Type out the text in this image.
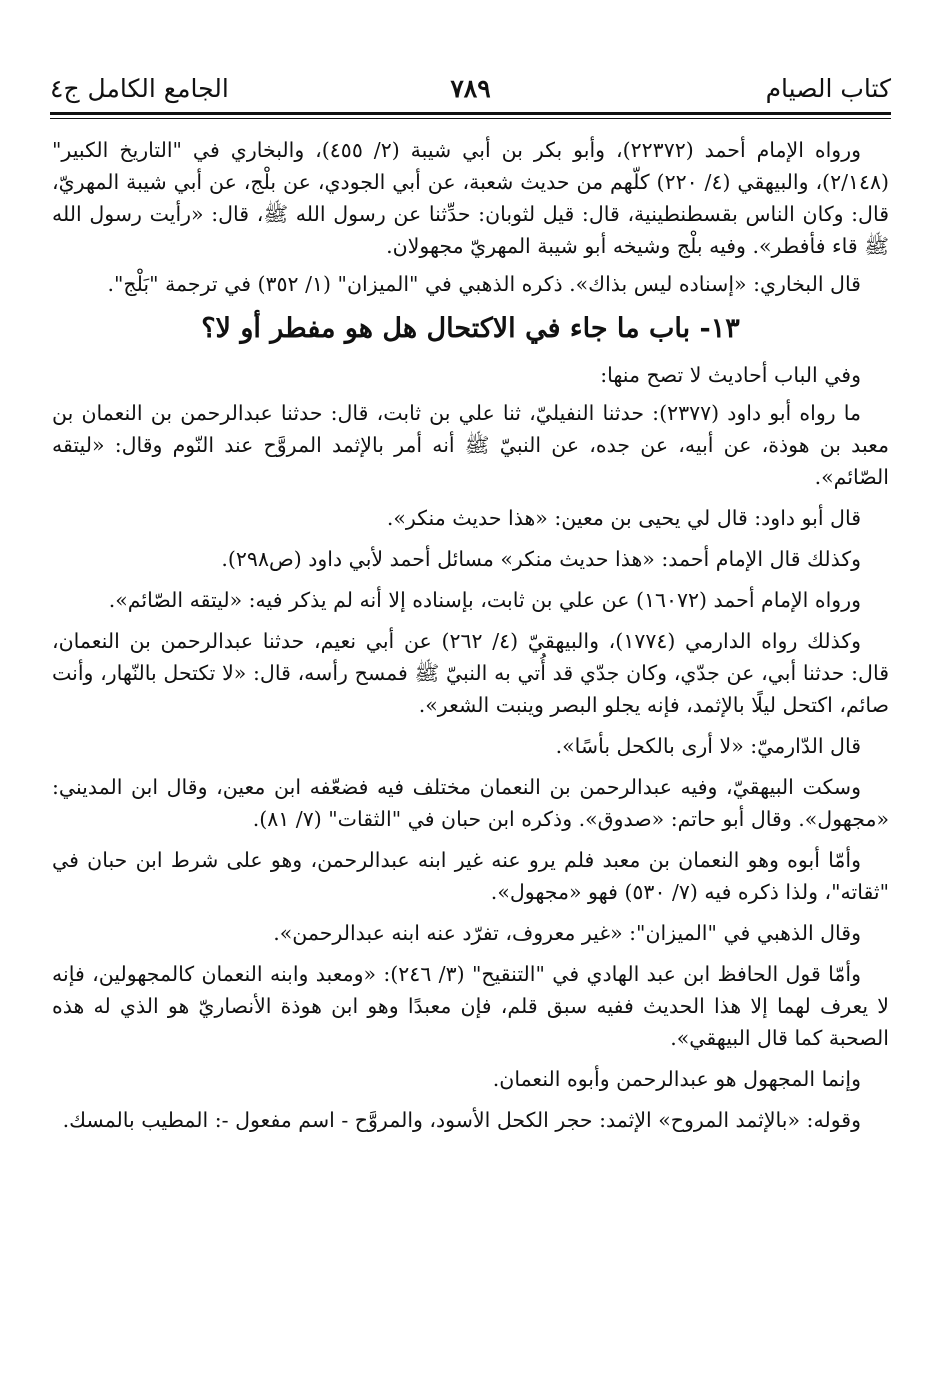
كتاب الصيام
٧٨٩
الجامع الكامل ج٤

ورواه الإمام أحمد (٢٢٣٧٢)، وأبو بكر بن أبي شيبة (٢/ ٤٥٥)، والبخاري في "التاريخ الكبير" (٢/١٤٨)، والبيهقي (٤/ ٢٢٠) كلّهم من حديث شعبة، عن أبي الجودي، عن بلْج، عن أبي شيبة المهريّ، قال: وكان الناس بقسطنطينية، قال: قيل لثوبان: حدِّثنا عن رسول الله ﷺ، قال: «رأيت رسول الله ﷺ قاء فأفطر». وفيه بلْج وشيخه أبو شيبة المهريّ مجهولان.

قال البخاري: «إسناده ليس بذاك». ذكره الذهبي في "الميزان" (١/ ٣٥٢) في ترجمة "بَلْج".

١٣- باب ما جاء في الاكتحال هل هو مفطر أو لا؟

وفي الباب أحاديث لا تصح منها:

ما رواه أبو داود (٢٣٧٧): حدثنا النفيليّ، ثنا علي بن ثابت، قال: حدثنا عبدالرحمن بن النعمان بن معبد بن هوذة، عن أبيه، عن جده، عن النبيّ ﷺ أنه أمر بالإثمد المروَّح عند النّوم وقال: «ليتقه الصّائم».

قال أبو داود: قال لي يحيى بن معين: «هذا حديث منكر».

وكذلك قال الإمام أحمد: «هذا حديث منكر» مسائل أحمد لأبي داود (ص٢٩٨).

ورواه الإمام أحمد (١٦٠٧٢) عن علي بن ثابت، بإسناده إلا أنه لم يذكر فيه: «ليتقه الصّائم».

وكذلك رواه الدارمي (١٧٧٤)، والبيهقيّ (٤/ ٢٦٢) عن أبي نعيم، حدثنا عبدالرحمن بن النعمان، قال: حدثنا أبي، عن جدّي، وكان جدّي قد أُتي به النبيّ ﷺ فمسح رأسه، قال: «لا تكتحل بالنّهار، وأنت صائم، اكتحل ليلًا بالإثمد، فإنه يجلو البصر وينبت الشعر».

قال الدّارميّ: «لا أرى بالكحل بأسًا».

وسكت البيهقيّ، وفيه عبدالرحمن بن النعمان مختلف فيه فضعّفه ابن معين، وقال ابن المديني: «مجهول». وقال أبو حاتم: «صدوق». وذكره ابن حبان في "الثقات" (٧/ ٨١).

وأمّا أبوه وهو النعمان بن معبد فلم يرو عنه غير ابنه عبدالرحمن، وهو على شرط ابن حبان في "ثقاته"، ولذا ذكره فيه (٧/ ٥٣٠) فهو «مجهول».

وقال الذهبي في "الميزان": «غير معروف، تفرّد عنه ابنه عبدالرحمن».

وأمّا قول الحافظ ابن عبد الهادي في "التنقيح" (٣/ ٢٤٦): «ومعبد وابنه النعمان كالمجهولين، فإنه لا يعرف لهما إلا هذا الحديث ففيه سبق قلم، فإن معبدًا وهو ابن هوذة الأنصاريّ هو الذي له هذه الصحبة كما قال البيهقي».

وإنما المجهول هو عبدالرحمن وأبوه النعمان.

وقوله: «بالإثمد المروح» الإثمد: حجر الكحل الأسود، والمروَّح - اسم مفعول -: المطيب بالمسك.
